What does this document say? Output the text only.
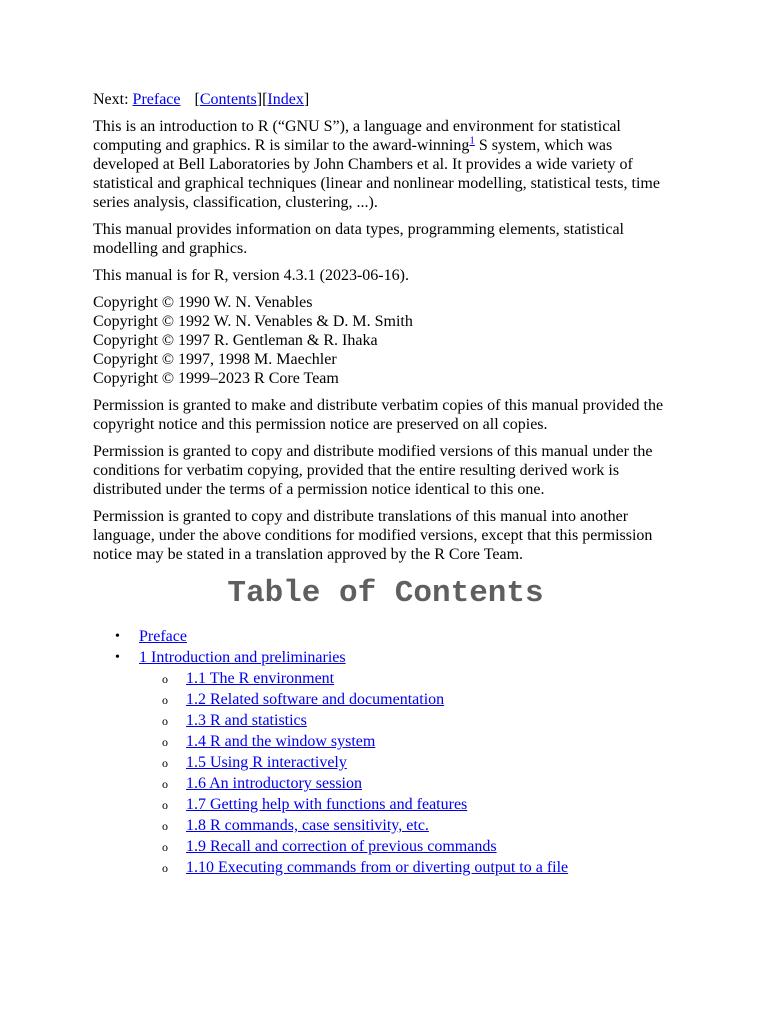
Next: Preface [Contents][Index]

This is an introduction to R (“GNU S”), a language and environment for statistical computing and graphics. R is similar to the award-winning$^1$ S system, which was developed at Bell Laboratories by John Chambers et al. It provides a wide variety of statistical and graphical techniques (linear and nonlinear modelling, statistical tests, time series analysis, classification, clustering, ...).

This manual provides information on data types, programming elements, statistical modelling and graphics.

This manual is for R, version 4.3.1 (2023-06-16).

Copyright © 1990 W. N. Venables
Copyright © 1992 W. N. Venables & D. M. Smith
Copyright © 1997 R. Gentleman & R. Ihaka
Copyright © 1997, 1998 M. Maechler
Copyright © 1999–2023 R Core Team

Permission is granted to make and distribute verbatim copies of this manual provided the copyright notice and this permission notice are preserved on all copies.

Permission is granted to copy and distribute modified versions of this manual under the conditions for verbatim copying, provided that the entire resulting derived work is distributed under the terms of a permission notice identical to this one.

Permission is granted to copy and distribute translations of this manual into another language, under the above conditions for modified versions, except that this permission notice may be stated in a translation approved by the R Core Team.

Table of Contents
• Preface
• 1 Introduction and preliminaries
o 1.1 The R environment
o 1.2 Related software and documentation
o 1.3 R and statistics
o 1.4 R and the window system
o 1.5 Using R interactively
o 1.6 An introductory session
o 1.7 Getting help with functions and features
o 1.8 R commands, case sensitivity, etc.
o 1.9 Recall and correction of previous commands
o 1.10 Executing commands from or diverting output to a file
